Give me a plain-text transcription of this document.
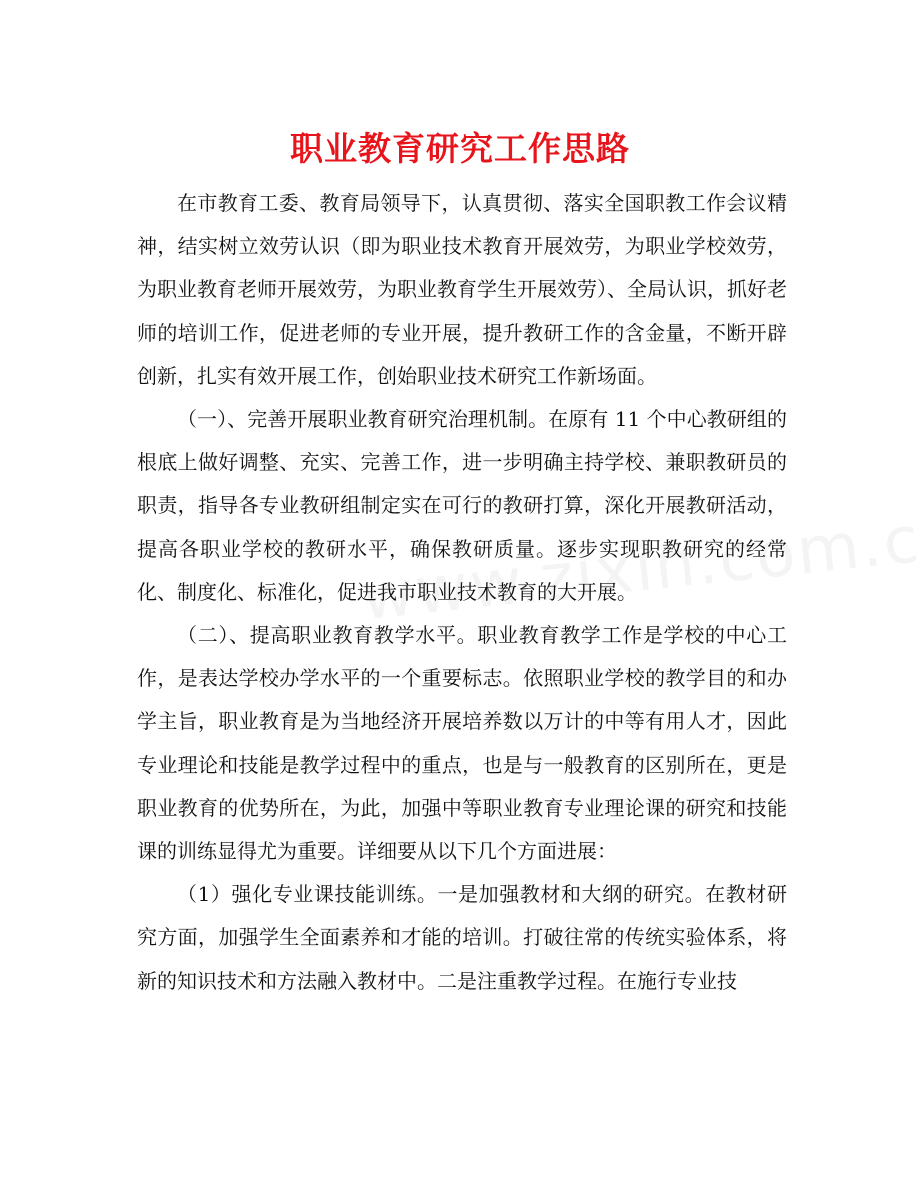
职业教育研究工作思路

在市教育工委、教育局领导下，认真贯彻、落实全国职教工作会议精神，结实树立效劳认识（即为职业技术教育开展效劳，为职业学校效劳，为职业教育老师开展效劳，为职业教育学生开展效劳）、全局认识，抓好老师的培训工作，促进老师的专业开展，提升教研工作的含金量，不断开辟创新，扎实有效开展工作，创始职业技术研究工作新场面。

（一）、完善开展职业教育研究治理机制。在原有 11 个中心教研组的根底上做好调整、充实、完善工作，进一步明确主持学校、兼职教研员的职责，指导各专业教研组制定实在可行的教研打算，深化开展教研活动，提高各职业学校的教研水平，确保教研质量。逐步实现职教研究的经常化、制度化、标准化，促进我市职业技术教育的大开展。

（二）、提高职业教育教学水平。职业教育教学工作是学校的中心工作，是表达学校办学水平的一个重要标志。依照职业学校的教学目的和办学主旨，职业教育是为当地经济开展培养数以万计的中等有用人才，因此专业理论和技能是教学过程中的重点，也是与一般教育的区别所在，更是职业教育的优势所在，为此，加强中等职业教育专业理论课的研究和技能课的训练显得尤为重要。详细要从以下几个方面进展：

（1）强化专业课技能训练。一是加强教材和大纲的研究。在教材研究方面，加强学生全面素养和才能的培训。打破往常的传统实验体系，将新的知识技术和方法融入教材中。二是注重教学过程。在施行专业技
